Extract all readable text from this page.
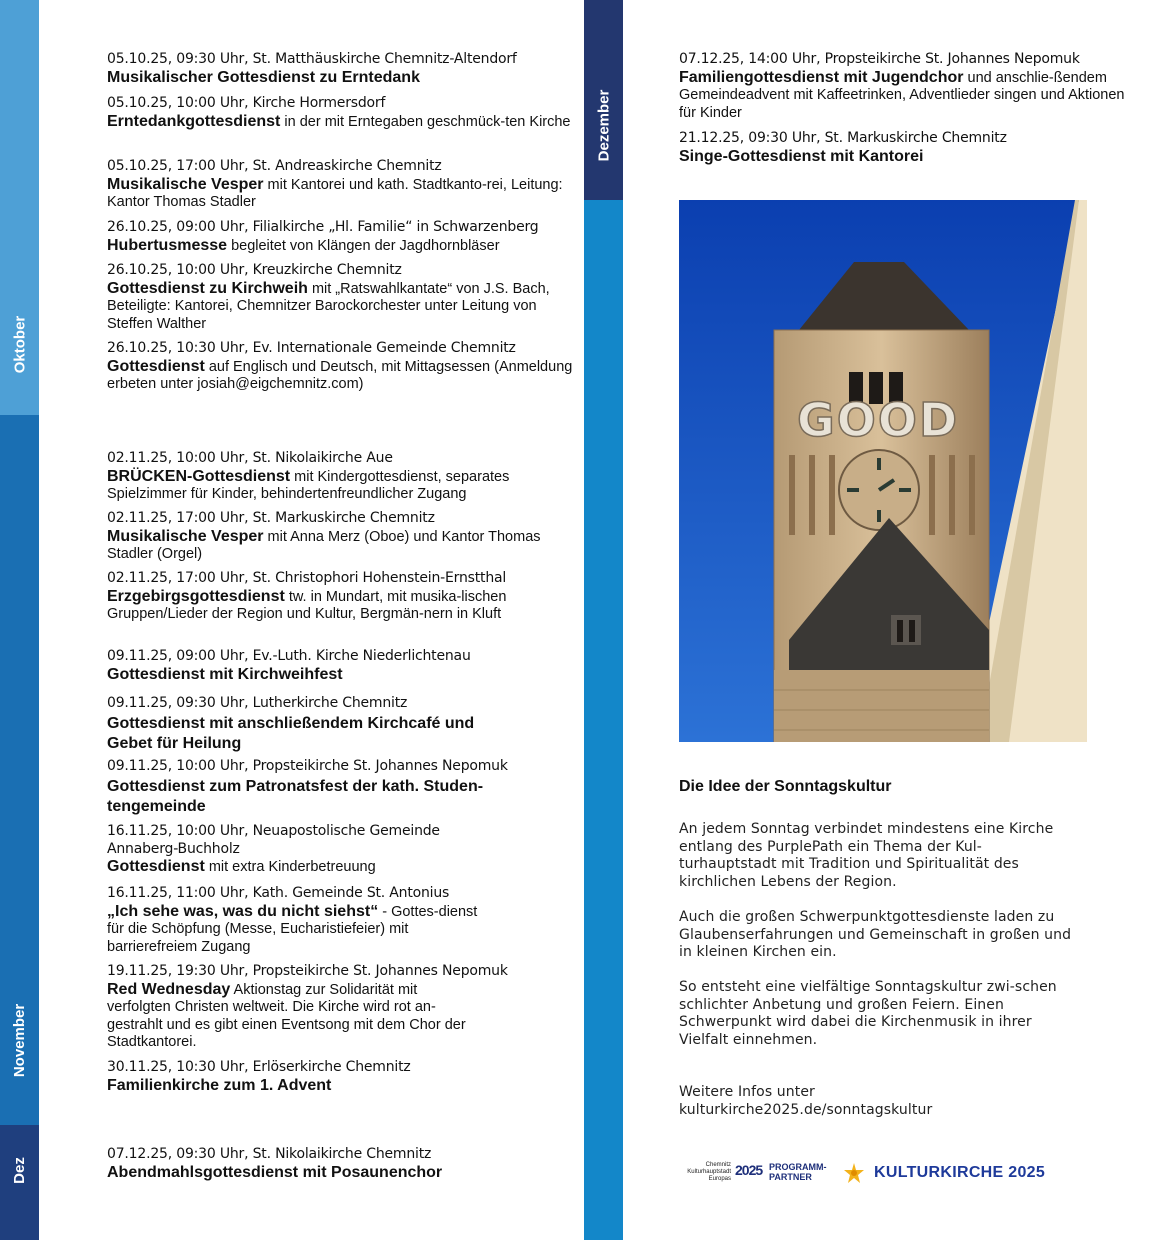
Oktober
November
Dez
Dezember
05.10.25, 09:30 Uhr, St. Matthäuskirche Chemnitz-Altendorf
Musikalischer Gottesdienst zu Erntedank
05.10.25, 10:00 Uhr, Kirche Hormersdorf
Erntedankgottesdienst in der mit Erntegaben geschmück-ten Kirche
05.10.25, 17:00 Uhr, St. Andreaskirche Chemnitz
Musikalische Vesper mit Kantorei und kath. Stadtkanto-rei, Leitung: Kantor Thomas Stadler
26.10.25, 09:00 Uhr, Filialkirche „Hl. Familie“ in Schwarzenberg
Hubertusmesse begleitet von Klängen der Jagdhornbläser
26.10.25, 10:00 Uhr, Kreuzkirche Chemnitz
Gottesdienst zu Kirchweih mit „Ratswahlkantate“ von J.S. Bach, Beteiligte: Kantorei, Chemnitzer Barockorchester unter Leitung von Steffen Walther
26.10.25, 10:30 Uhr, Ev. Internationale Gemeinde Chemnitz
Gottesdienst auf Englisch und Deutsch, mit Mittagsessen (Anmeldung erbeten unter josiah@eigchemnitz.com)
02.11.25, 10:00 Uhr, St. Nikolaikirche Aue
BRÜCKEN-Gottesdienst mit Kindergottesdienst, separates Spielzimmer für Kinder, behindertenfreundlicher Zugang
02.11.25, 17:00 Uhr, St. Markuskirche Chemnitz
Musikalische Vesper mit Anna Merz (Oboe) und Kantor Thomas Stadler (Orgel)
02.11.25, 17:00 Uhr, St. Christophori Hohenstein-Ernstthal
Erzgebirgsgottesdienst tw. in Mundart, mit musika-lischen Gruppen/Lieder der Region und Kultur, Bergmän-nern in Kluft
09.11.25, 09:00 Uhr, Ev.-Luth. Kirche Niederlichtenau
Gottesdienst mit Kirchweihfest
09.11.25, 09:30 Uhr, Lutherkirche Chemnitz
Gottesdienst mit anschließendem Kirchcafé und Gebet für Heilung
09.11.25, 10:00 Uhr, Propsteikirche St. Johannes Nepomuk
Gottesdienst zum Patronatsfest der kath. Studen-tengemeinde
16.11.25, 10:00 Uhr, Neuapostolische Gemeinde Annaberg-Buchholz
Gottesdienst mit extra Kinderbetreuung
16.11.25, 11:00 Uhr, Kath. Gemeinde St. Antonius
„Ich sehe was, was du nicht siehst“ - Gottes-dienst für die Schöpfung (Messe, Eucharistiefeier) mit barrierefreiem Zugang
19.11.25, 19:30 Uhr, Propsteikirche St. Johannes Nepomuk
Red Wednesday Aktionstag zur Solidarität mit verfolgten Christen weltweit. Die Kirche wird rot an-gestrahlt und es gibt einen Eventsong mit dem Chor der Stadtkantorei.
30.11.25, 10:30 Uhr, Erlöserkirche Chemnitz
Familienkirche zum 1. Advent
07.12.25, 09:30 Uhr, St. Nikolaikirche Chemnitz
Abendmahlsgottesdienst mit Posaunenchor
07.12.25, 14:00 Uhr, Propsteikirche St. Johannes Nepomuk
Familiengottesdienst mit Jugendchor und anschlie-ßendem Gemeindeadvent mit Kaffeetrinken, Adventlieder singen und Aktionen für Kinder
21.12.25, 09:30 Uhr, St. Markuskirche Chemnitz
Singe-Gottesdienst mit Kantorei
GOOD
Die Idee der Sonntagskultur
An jedem Sonntag verbindet mindestens eine Kirche entlang des PurplePath ein Thema der Kul-turhauptstadt mit Tradition und Spiritualität des kirchlichen Lebens der Region.
Auch die großen Schwerpunktgottesdienste laden zu Glaubenserfahrungen und Gemeinschaft in großen und in kleinen Kirchen ein.
So entsteht eine vielfältige Sonntagskultur zwi-schen schlichter Anbetung und großen Feiern. Einen Schwerpunkt wird dabei die Kirchenmusik in ihrer Vielfalt einnehmen.
Weitere Infos unter kulturkirche2025.de/sonntagskultur
Chemnitz
Kulturhauptstadt
Europas
2025 PROGRAMM-
PARTNER	KULTURKIRCHE 2025
